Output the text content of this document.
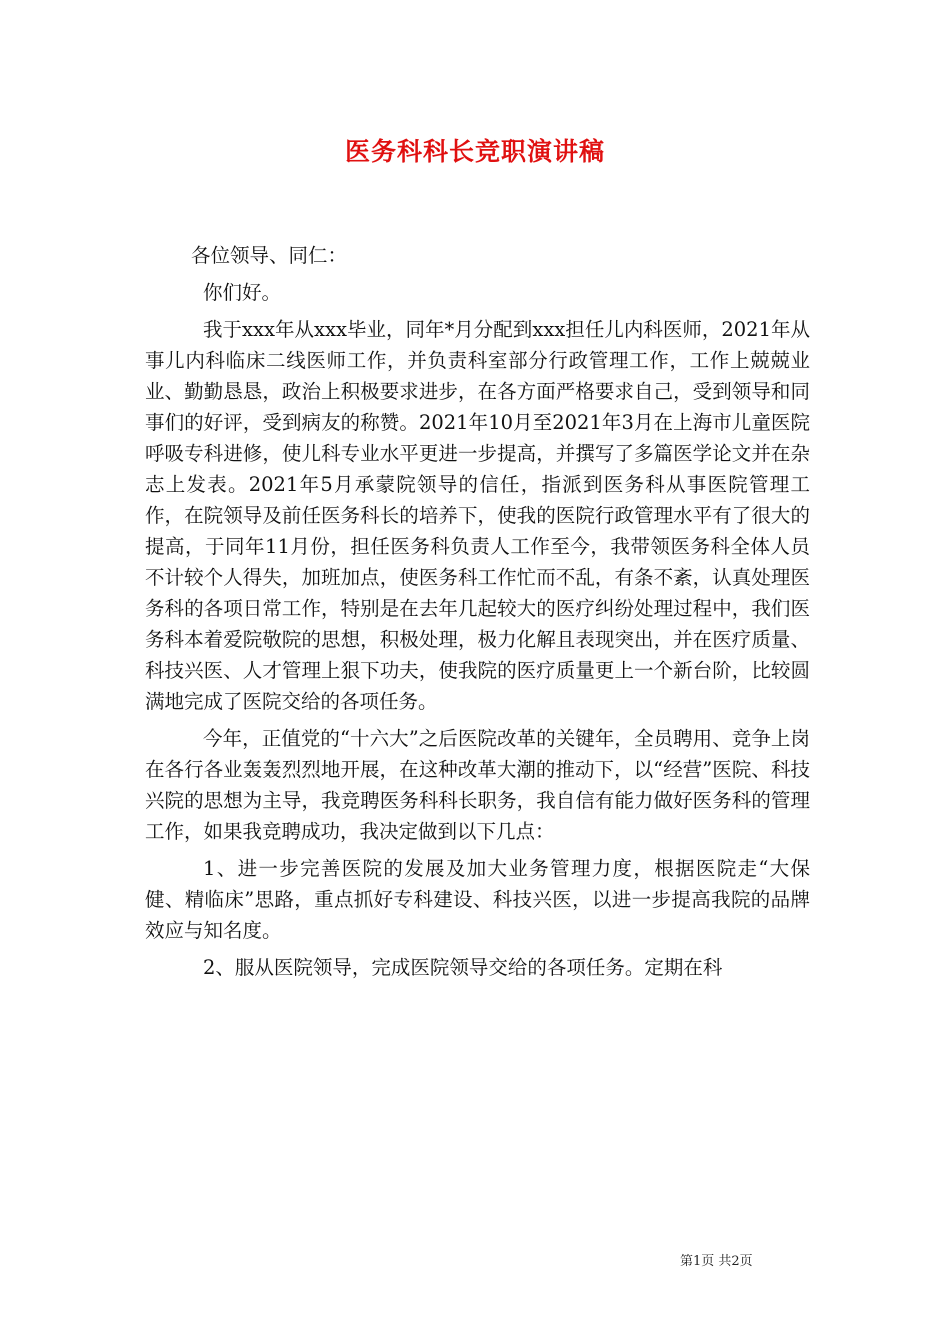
医务科科长竞职演讲稿

各位领导、同仁：

你们好。

我于xxx年从xxx毕业，同年*月分配到xxx担任儿内科医师，2021年从事儿内科临床二线医师工作，并负责科室部分行政管理工作，工作上兢兢业业、勤勤恳恳，政治上积极要求进步，在各方面严格要求自己，受到领导和同事们的好评，受到病友的称赞。2021年10月至2021年3月在上海市儿童医院呼吸专科进修，使儿科专业水平更进一步提高，并撰写了多篇医学论文并在杂志上发表。2021年5月承蒙院领导的信任，指派到医务科从事医院管理工作，在院领导及前任医务科长的培养下，使我的医院行政管理水平有了很大的提高，于同年11月份，担任医务科负责人工作至今，我带领医务科全体人员不计较个人得失，加班加点，使医务科工作忙而不乱，有条不紊，认真处理医务科的各项日常工作，特别是在去年几起较大的医疗纠纷处理过程中，我们医务科本着爱院敬院的思想，积极处理，极力化解且表现突出，并在医疗质量、科技兴医、人才管理上狠下功夫，使我院的医疗质量更上一个新台阶，比较圆满地完成了医院交给的各项任务。

今年，正值党的“十六大”之后医院改革的关键年，全员聘用、竞争上岗在各行各业轰轰烈烈地开展，在这种改革大潮的推动下，以“经营”医院、科技兴院的思想为主导，我竞聘医务科科长职务，我自信有能力做好医务科的管理工作，如果我竞聘成功，我决定做到以下几点：

1、进一步完善医院的发展及加大业务管理力度，根据医院走“大保健、精临床”思路，重点抓好专科建设、科技兴医，以进一步提高我院的品牌效应与知名度。

2、服从医院领导，完成医院领导交给的各项任务。定期在科

第1页 共2页
